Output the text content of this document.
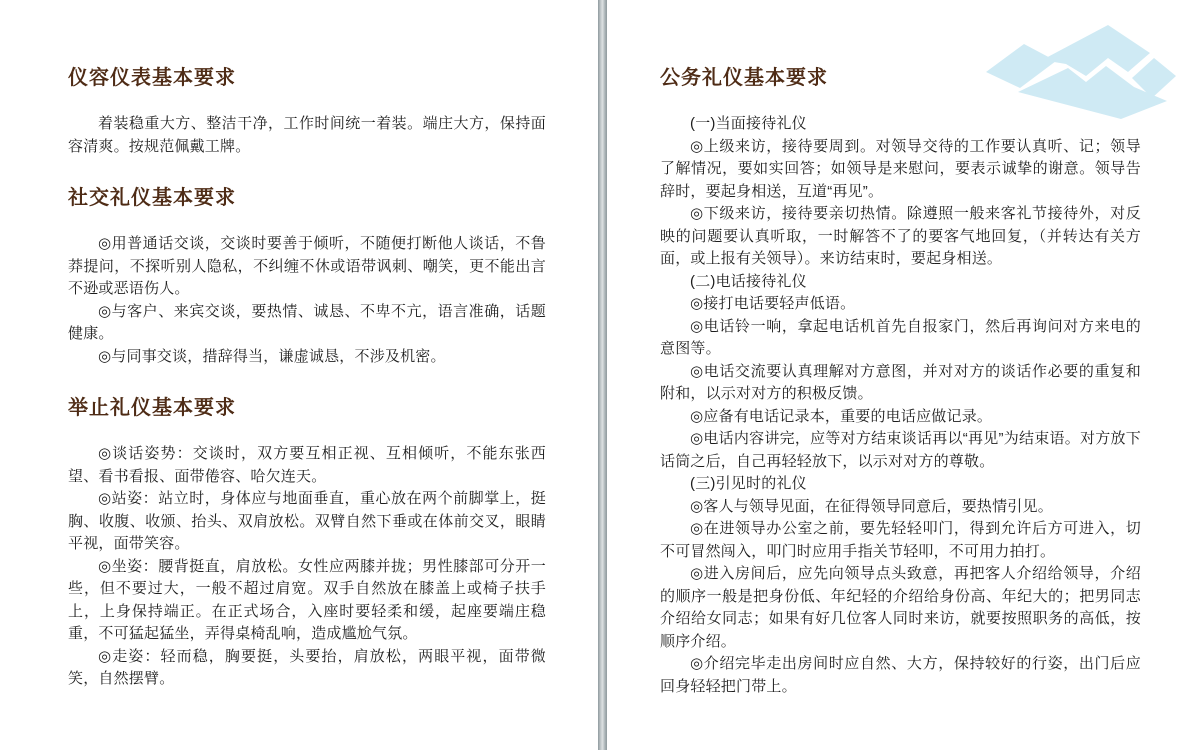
仪容仪表基本要求

着装稳重大方、整洁干净，工作时间统一着装。端庄大方，保持面容清爽。按规范佩戴工牌。

社交礼仪基本要求

◎用普通话交谈，交谈时要善于倾听，不随便打断他人谈话，不鲁莽提问，不探听别人隐私，不纠缠不休或语带讽刺、嘲笑，更不能出言不逊或恶语伤人。

◎与客户、来宾交谈，要热情、诚恳、不卑不亢，语言准确，话题健康。

◎与同事交谈，措辞得当，谦虚诚恳，不涉及机密。

举止礼仪基本要求

◎谈话姿势：交谈时，双方要互相正视、互相倾听，不能东张西望、看书看报、面带倦容、哈欠连天。

◎站姿：站立时，身体应与地面垂直，重心放在两个前脚掌上，挺胸、收腹、收颁、抬头、双肩放松。双臂自然下垂或在体前交叉，眼睛平视，面带笑容。

◎坐姿：腰背挺直，肩放松。女性应两膝并拢；男性膝部可分开一些，但不要过大，一般不超过肩宽。双手自然放在膝盖上或椅子扶手上，上身保持端正。在正式场合，入座时要轻柔和缓，起座要端庄稳重，不可猛起猛坐，弄得桌椅乱响，造成尴尬气氛。

◎走姿：轻而稳，胸要挺，头要抬，肩放松，两眼平视，面带微笑，自然摆臂。

公务礼仪基本要求

(一)当面接待礼仪

◎上级来访，接待要周到。对领导交待的工作要认真听、记；领导了解情况，要如实回答；如领导是来慰问，要表示诚挚的谢意。领导告辞时，要起身相送，互道“再见”。

◎下级来访，接待要亲切热情。除遵照一般来客礼节接待外，对反映的问题要认真听取，一时解答不了的要客气地回复，（并转达有关方面，或上报有关领导）。来访结束时，要起身相送。

(二)电话接待礼仪

◎接打电话要轻声低语。

◎电话铃一响，拿起电话机首先自报家门，然后再询问对方来电的意图等。

◎电话交流要认真理解对方意图，并对对方的谈话作必要的重复和附和，以示对对方的积极反馈。

◎应备有电话记录本，重要的电话应做记录。

◎电话内容讲完，应等对方结束谈话再以“再见”为结束语。对方放下话筒之后，自己再轻轻放下，以示对对方的尊敬。

(三)引见时的礼仪

◎客人与领导见面，在征得领导同意后，要热情引见。

◎在进领导办公室之前，要先轻轻叩门，得到允许后方可进入，切不可冒然闯入，叩门时应用手指关节轻叩，不可用力拍打。

◎进入房间后，应先向领导点头致意，再把客人介绍给领导，介绍的顺序一般是把身份低、年纪轻的介绍给身份高、年纪大的；把男同志介绍给女同志；如果有好几位客人同时来访，就要按照职务的高低，按顺序介绍。

◎介绍完毕走出房间时应自然、大方，保持较好的行姿，出门后应回身轻轻把门带上。
